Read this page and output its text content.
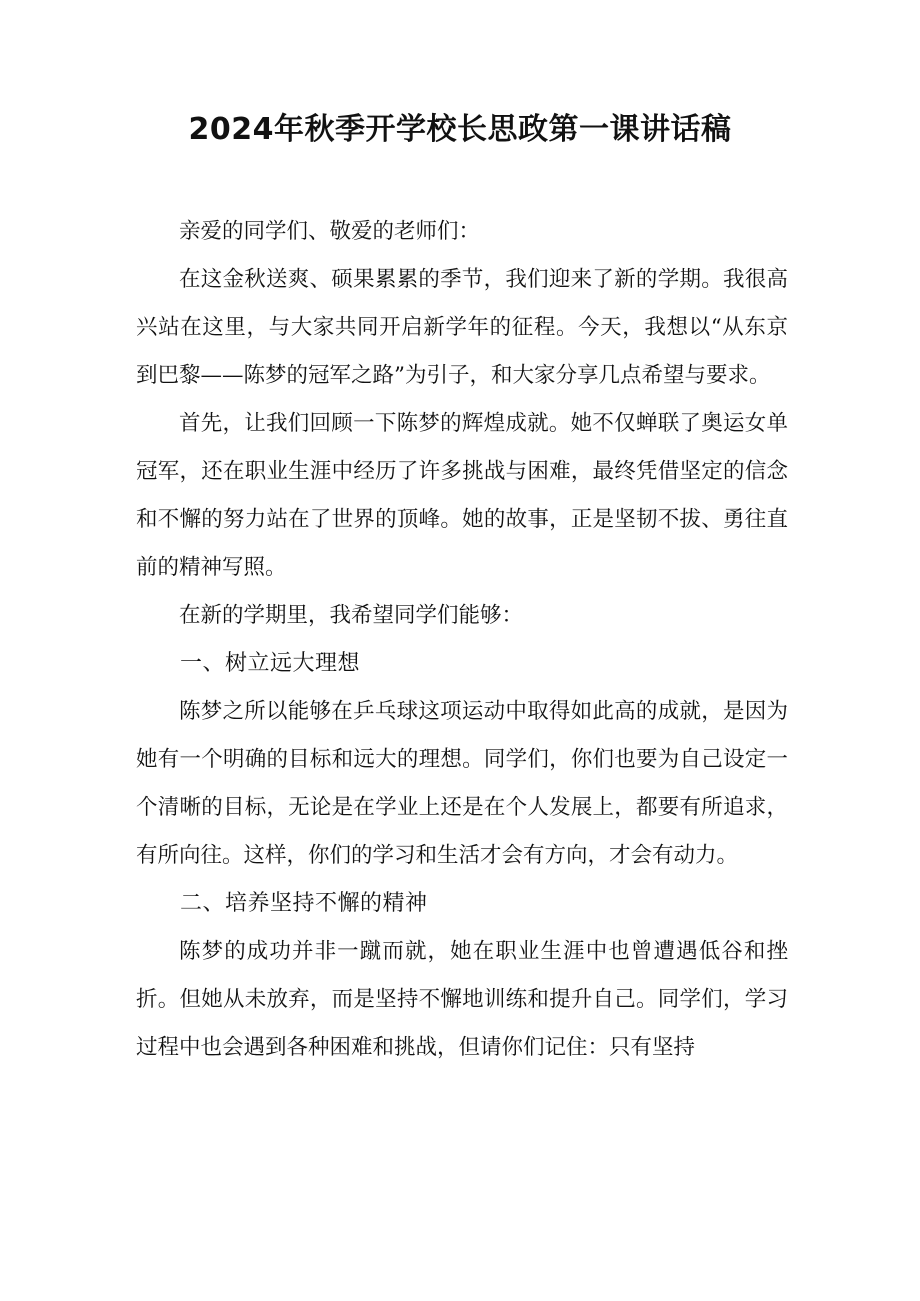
2024年秋季开学校长思政第一课讲话稿

亲爱的同学们、敬爱的老师们：

在这金秋送爽、硕果累累的季节，我们迎来了新的学期。我很高兴站在这里，与大家共同开启新学年的征程。今天，我想以“从东京到巴黎——陈梦的冠军之路”为引子，和大家分享几点希望与要求。

首先，让我们回顾一下陈梦的辉煌成就。她不仅蝉联了奥运女单冠军，还在职业生涯中经历了许多挑战与困难，最终凭借坚定的信念和不懈的努力站在了世界的顶峰。她的故事，正是坚韧不拔、勇往直前的精神写照。

在新的学期里，我希望同学们能够：

一、树立远大理想

陈梦之所以能够在乒乓球这项运动中取得如此高的成就，是因为她有一个明确的目标和远大的理想。同学们，你们也要为自己设定一个清晰的目标，无论是在学业上还是在个人发展上，都要有所追求，有所向往。这样，你们的学习和生活才会有方向，才会有动力。

二、培养坚持不懈的精神

陈梦的成功并非一蹴而就，她在职业生涯中也曾遭遇低谷和挫折。但她从未放弃，而是坚持不懈地训练和提升自己。同学们，学习过程中也会遇到各种困难和挑战，但请你们记住：只有坚持
